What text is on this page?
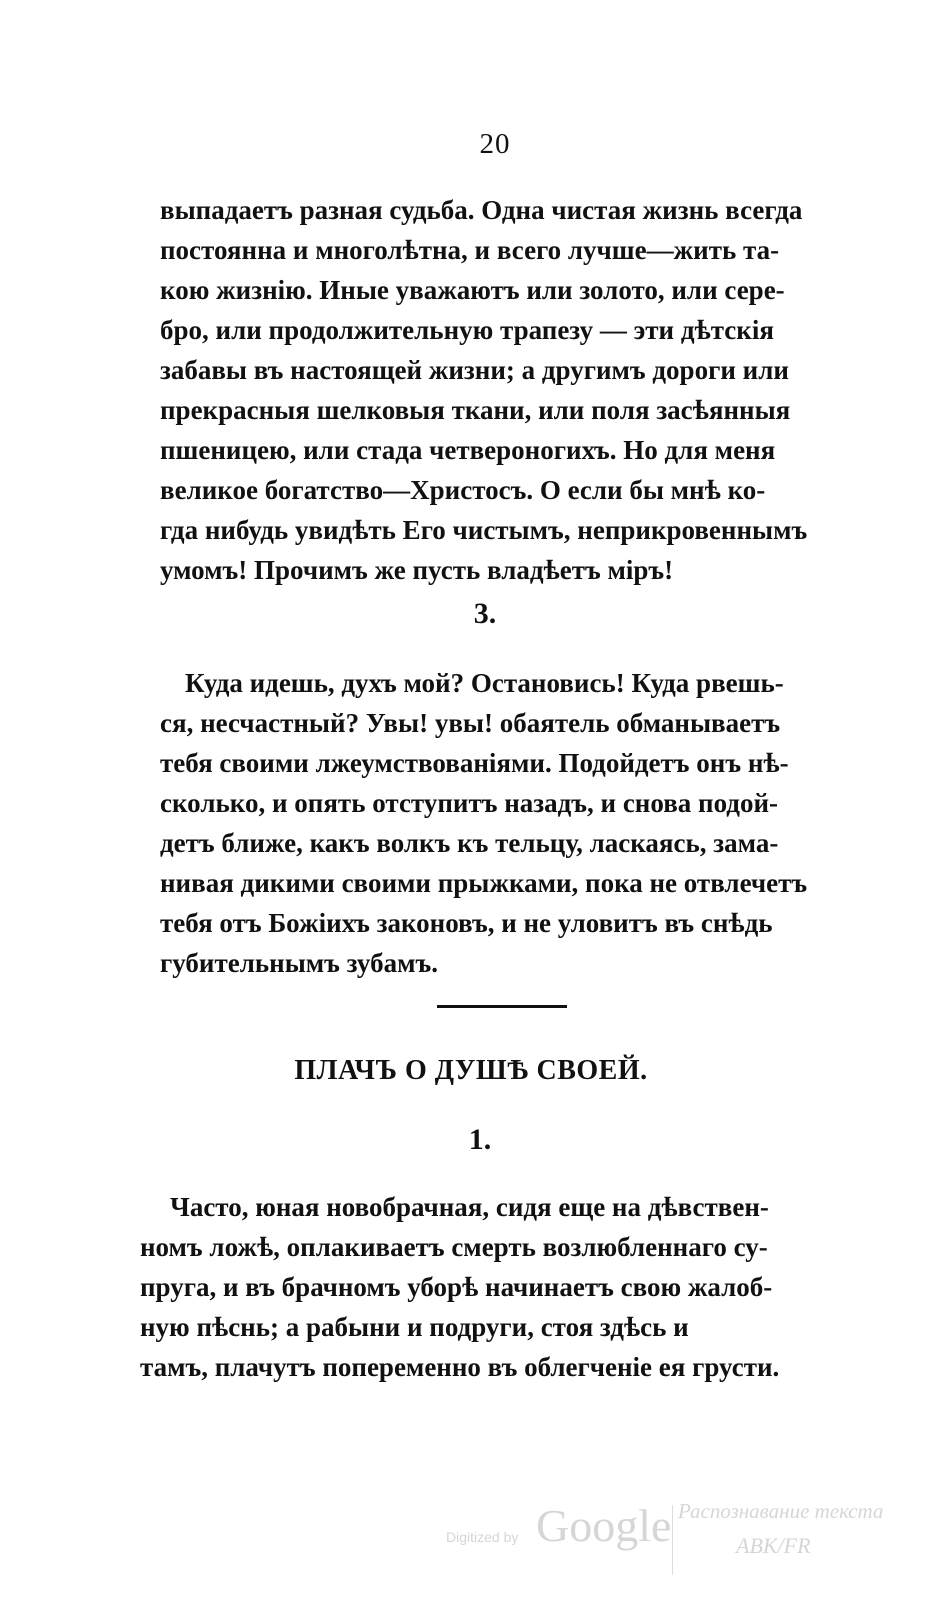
20
выпадаетъ разная судьба. Одна чистая жизнь всегда
постоянна и многолѣтна, и всего лучше—жить та-
кою жизнію. Иные уважаютъ или золото, или сере-
бро, или продолжительную трапезу — эти дѣтскія
забавы въ настоящей жизни; а другимъ дороги или
прекрасныя шелковыя ткани, или поля засѣянныя
пшеницею, или стада четвероногихъ. Но для меня
великое богатство—Христосъ. О если бы мнѣ ко-
гда нибудь увидѣть Его чистымъ, неприкровеннымъ
умомъ! Прочимъ же пусть владѣетъ міръ!
3.
Куда идешь, духъ мой? Остановись! Куда рвешь-
ся, несчастный? Увы! увы! обаятель обманываетъ
тебя своими лжеумствованіями. Подойдетъ онъ нѣ-
сколько, и опять отступитъ назадъ, и снова подой-
детъ ближе, какъ волкъ къ тельцу, ласкаясь, зама-
нивая дикими своими прыжками, пока не отвлечетъ
тебя отъ Божіихъ законовъ, и не уловитъ въ снѣдь
губительнымъ зубамъ.
ПЛАЧЪ О ДУШѢ СВОЕЙ.
1.
Часто, юная новобрачная, сидя еще на дѣвствен-
номъ ложѣ, оплакиваетъ смерть возлюбленнаго су-
пруга, и въ брачномъ уборѣ начинаетъ свою жалоб-
ную пѣснь; а рабыни и подруги, стоя здѣсь и
тамъ, плачутъ попеременно въ облегченіе ея грусти.
Digitized by Google Распознавание текста
ABK/FR
